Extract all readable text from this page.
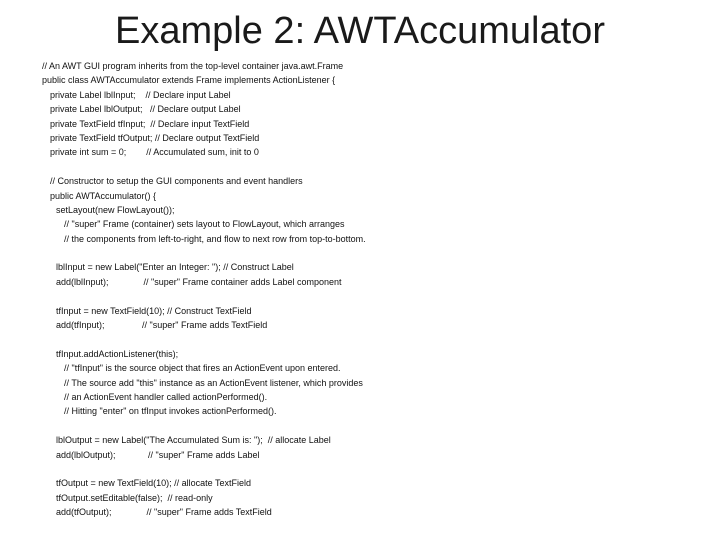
Example 2: AWTAccumulator
// An AWT GUI program inherits from the top-level container java.awt.Frame
public class AWTAccumulator extends Frame implements ActionListener {
private Label lblInput;    // Declare input Label
private Label lblOutput;   // Declare output Label
private TextField tfInput;  // Declare input TextField
private TextField tfOutput; // Declare output TextField
private int sum = 0;        // Accumulated sum, init to 0
// Constructor to setup the GUI components and event handlers
public AWTAccumulator() {
setLayout(new FlowLayout());
// "super" Frame (container) sets layout to FlowLayout, which arranges
// the components from left-to-right, and flow to next row from top-to-bottom.
lblInput = new Label("Enter an Integer: "); // Construct Label
add(lblInput);              // "super" Frame container adds Label component
tfInput = new TextField(10); // Construct TextField
add(tfInput);               // "super" Frame adds TextField
tfInput.addActionListener(this);
// "tfInput" is the source object that fires an ActionEvent upon entered.
// The source add "this" instance as an ActionEvent listener, which provides
// an ActionEvent handler called actionPerformed().
// Hitting "enter" on tfInput invokes actionPerformed().
lblOutput = new Label("The Accumulated Sum is: ");  // allocate Label
add(lblOutput);             // "super" Frame adds Label
tfOutput = new TextField(10); // allocate TextField
tfOutput.setEditable(false);  // read-only
add(tfOutput);              // "super" Frame adds TextField
